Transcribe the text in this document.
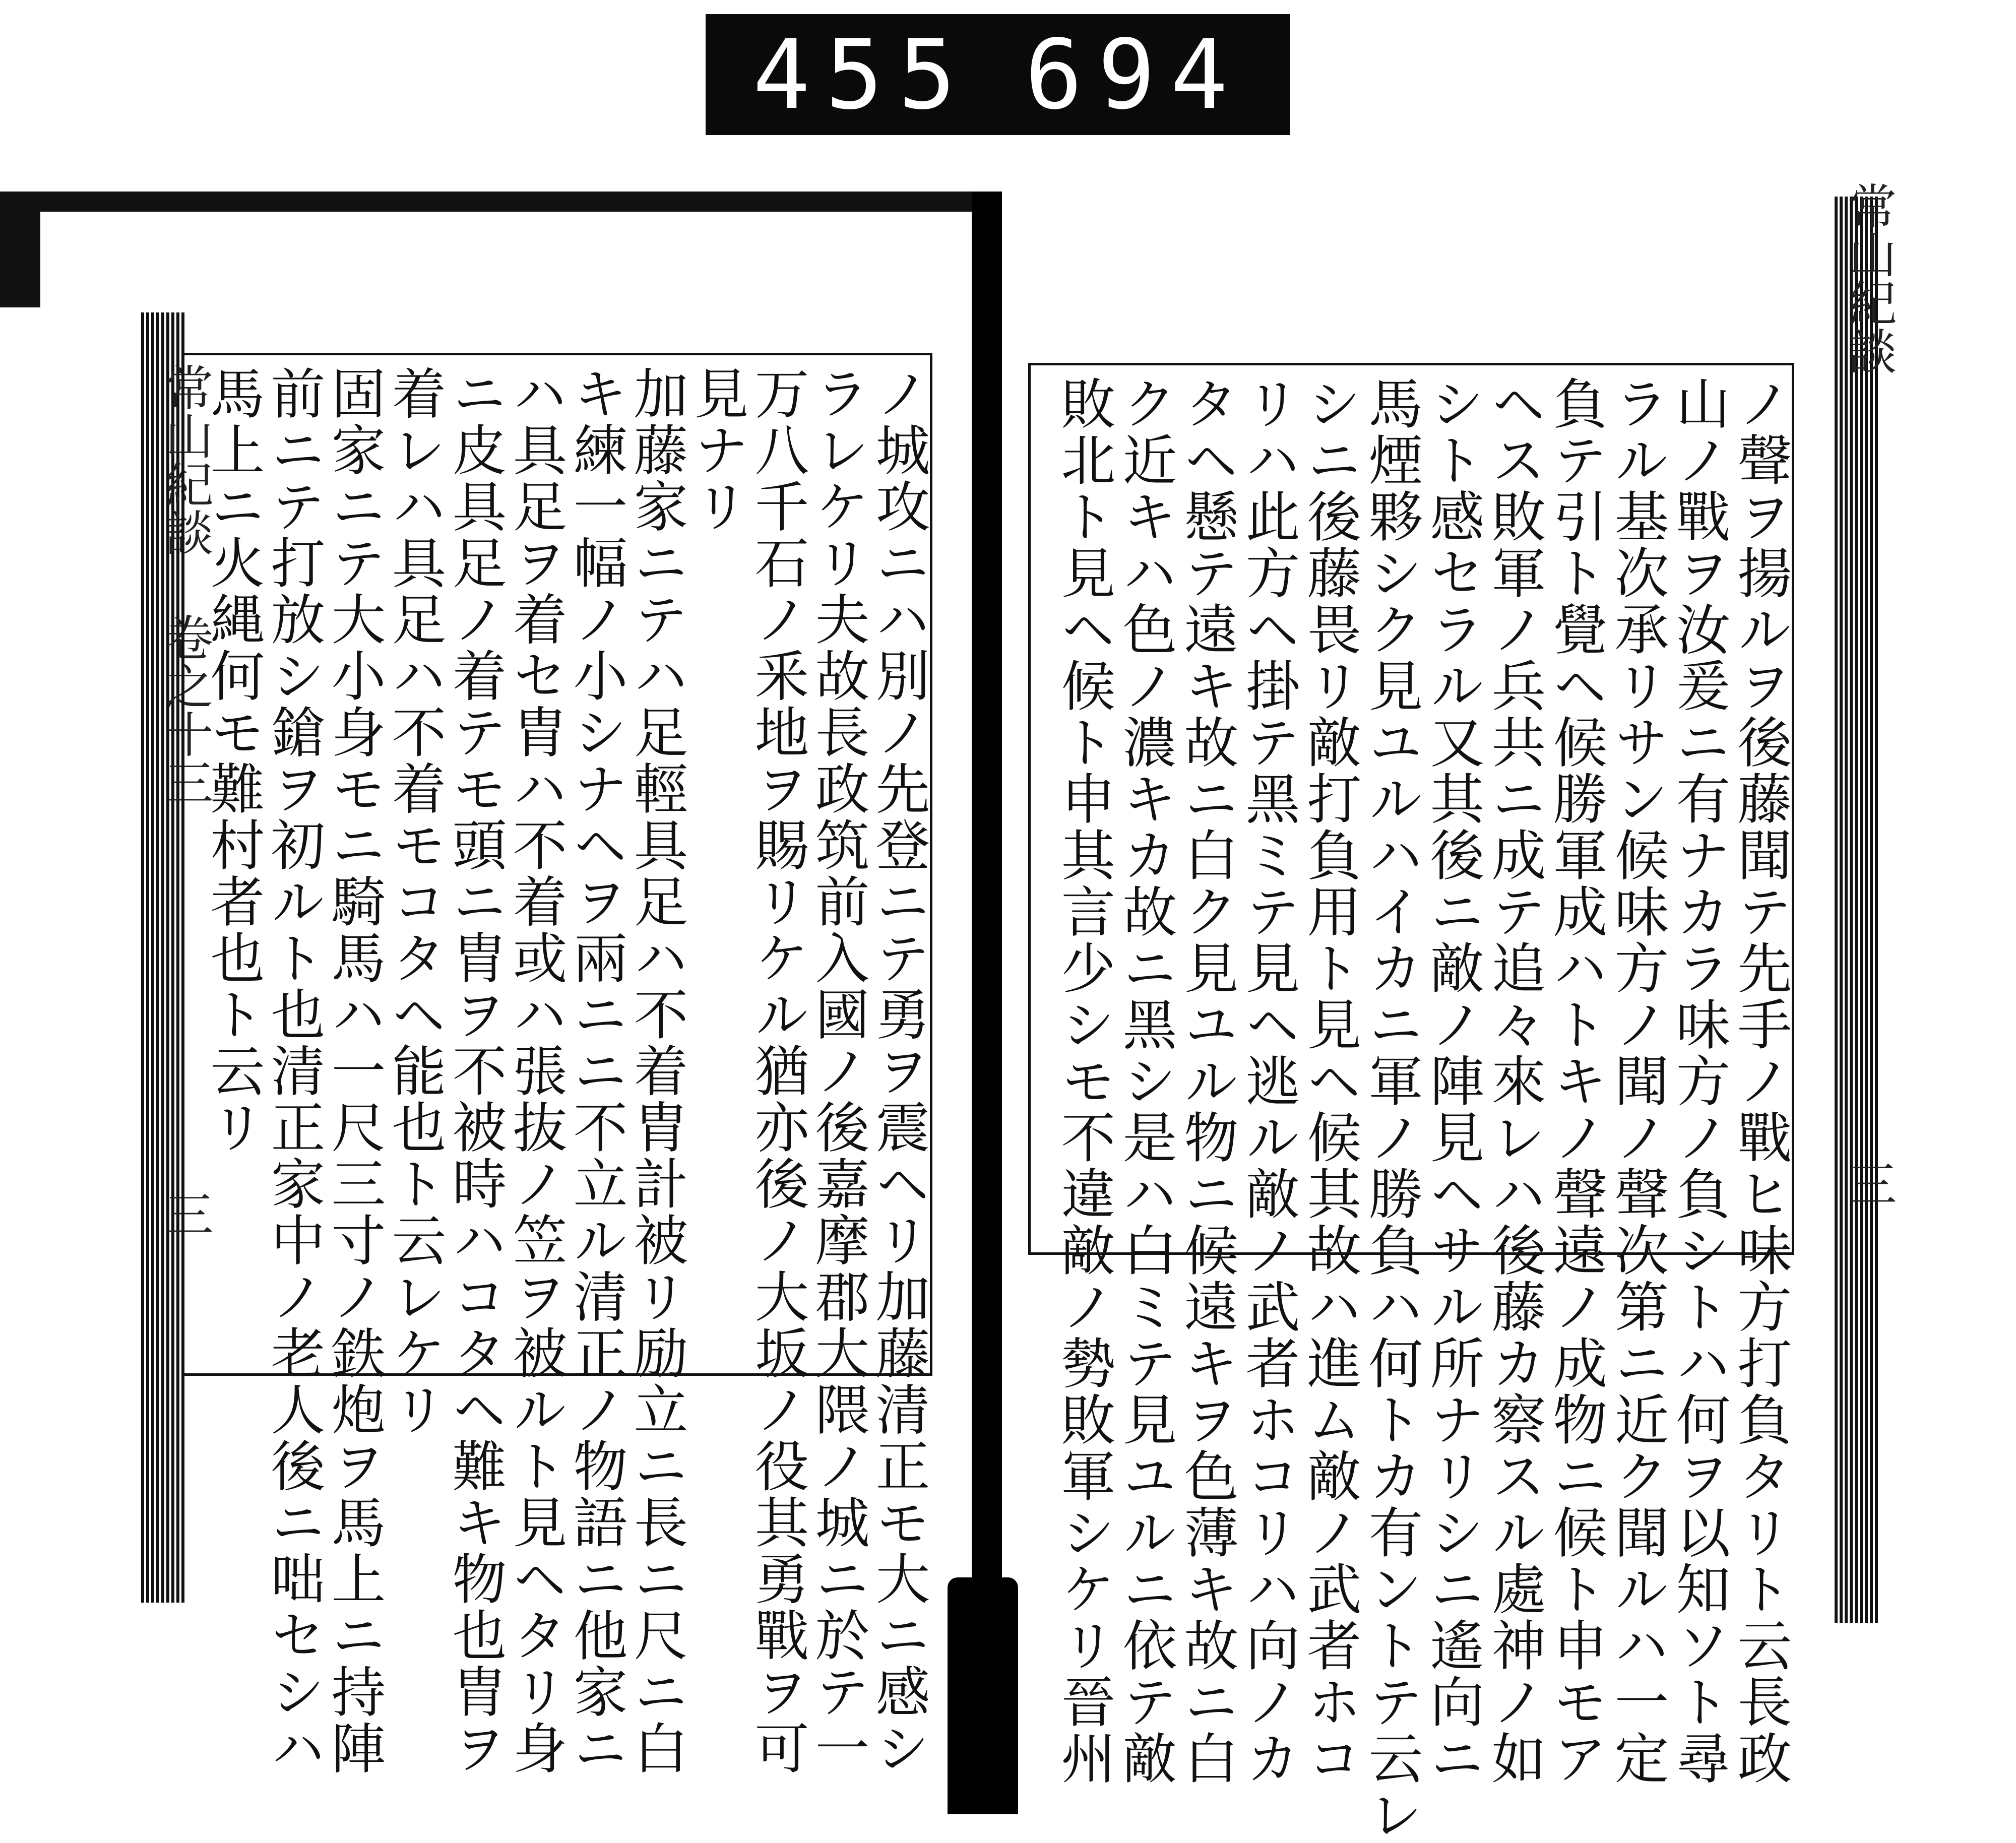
455 694
常山紀談 卷之十三
三
常山紀談
三
ノ城攻ニハ別ノ先登ニテ勇ヲ震ヘリ加藤清正モ大ニ感シ
ラレケリ夫故長政筑前入國ノ後嘉摩郡大隈ノ城ニ於テ一
万八千石ノ釆地ヲ賜リケル猶亦後ノ大坂ノ役其勇戰ヲ可
見ナリ
加藤家ニテハ足輕具足ハ不着胄計被リ励立ニ長ニ尺ニ白
キ練一幅ノ小シナヘヲ兩ニニ不立ル清正ノ物語ニ他家ニ
ハ具足ヲ着セ胄ハ不着或ハ張抜ノ笠ヲ被ルト見ヘタリ身
ニ皮具足ノ着テモ頭ニ胄ヲ不被時ハコタヘ難キ物也胄ヲ
着レハ具足ハ不着モコタヘ能也ト云レケリ
固家ニテ大小身モニ騎馬ハ一尺三寸ノ鉄炮ヲ馬上ニ持陣
前ニテ打放シ鎗ヲ初ルト也清正家中ノ老人後ニ咄セシハ
馬上ニ火縄何モ難村者也ト云リ	ノ聲ヲ揚ルヲ後藤聞テ先手ノ戰ヒ味方打負タリト云長政
山ノ戰ヲ汝爰ニ有ナカラ味方ノ負シトハ何ヲ以知ソト尋
ラル基次承リサン候味方ノ聞ノ聲次第ニ近ク聞ルハ一定
負テ引ト覺ヘ候勝軍成ハトキノ聲遠ノ成物ニ候ト申モア
ヘス敗軍ノ兵共ニ成テ追々來レハ後藤カ察スル處神ノ如
シト感セラル又其後ニ敵ノ陣見ヘサル所ナリシニ遙向ニ
馬煙夥シク見ユルハイカニ軍ノ勝負ハ何トカ有ントテ云レ
シニ後藤畏リ敵打負用ト見ヘ候其故ハ進ム敵ノ武者ホコ
リハ此方ヘ掛テ黑ミテ見ヘ逃ル敵ノ武者ホコリハ向ノカ
タヘ懸テ遠キ故ニ白ク見ユル物ニ候遠キヲ色薄キ故ニ白
ク近キハ色ノ濃キカ故ニ黑シ是ハ白ミテ見ユルニ依テ敵
敗北ト見ヘ候ト申其言少シモ不違敵ノ勢敗軍シケリ晉州
